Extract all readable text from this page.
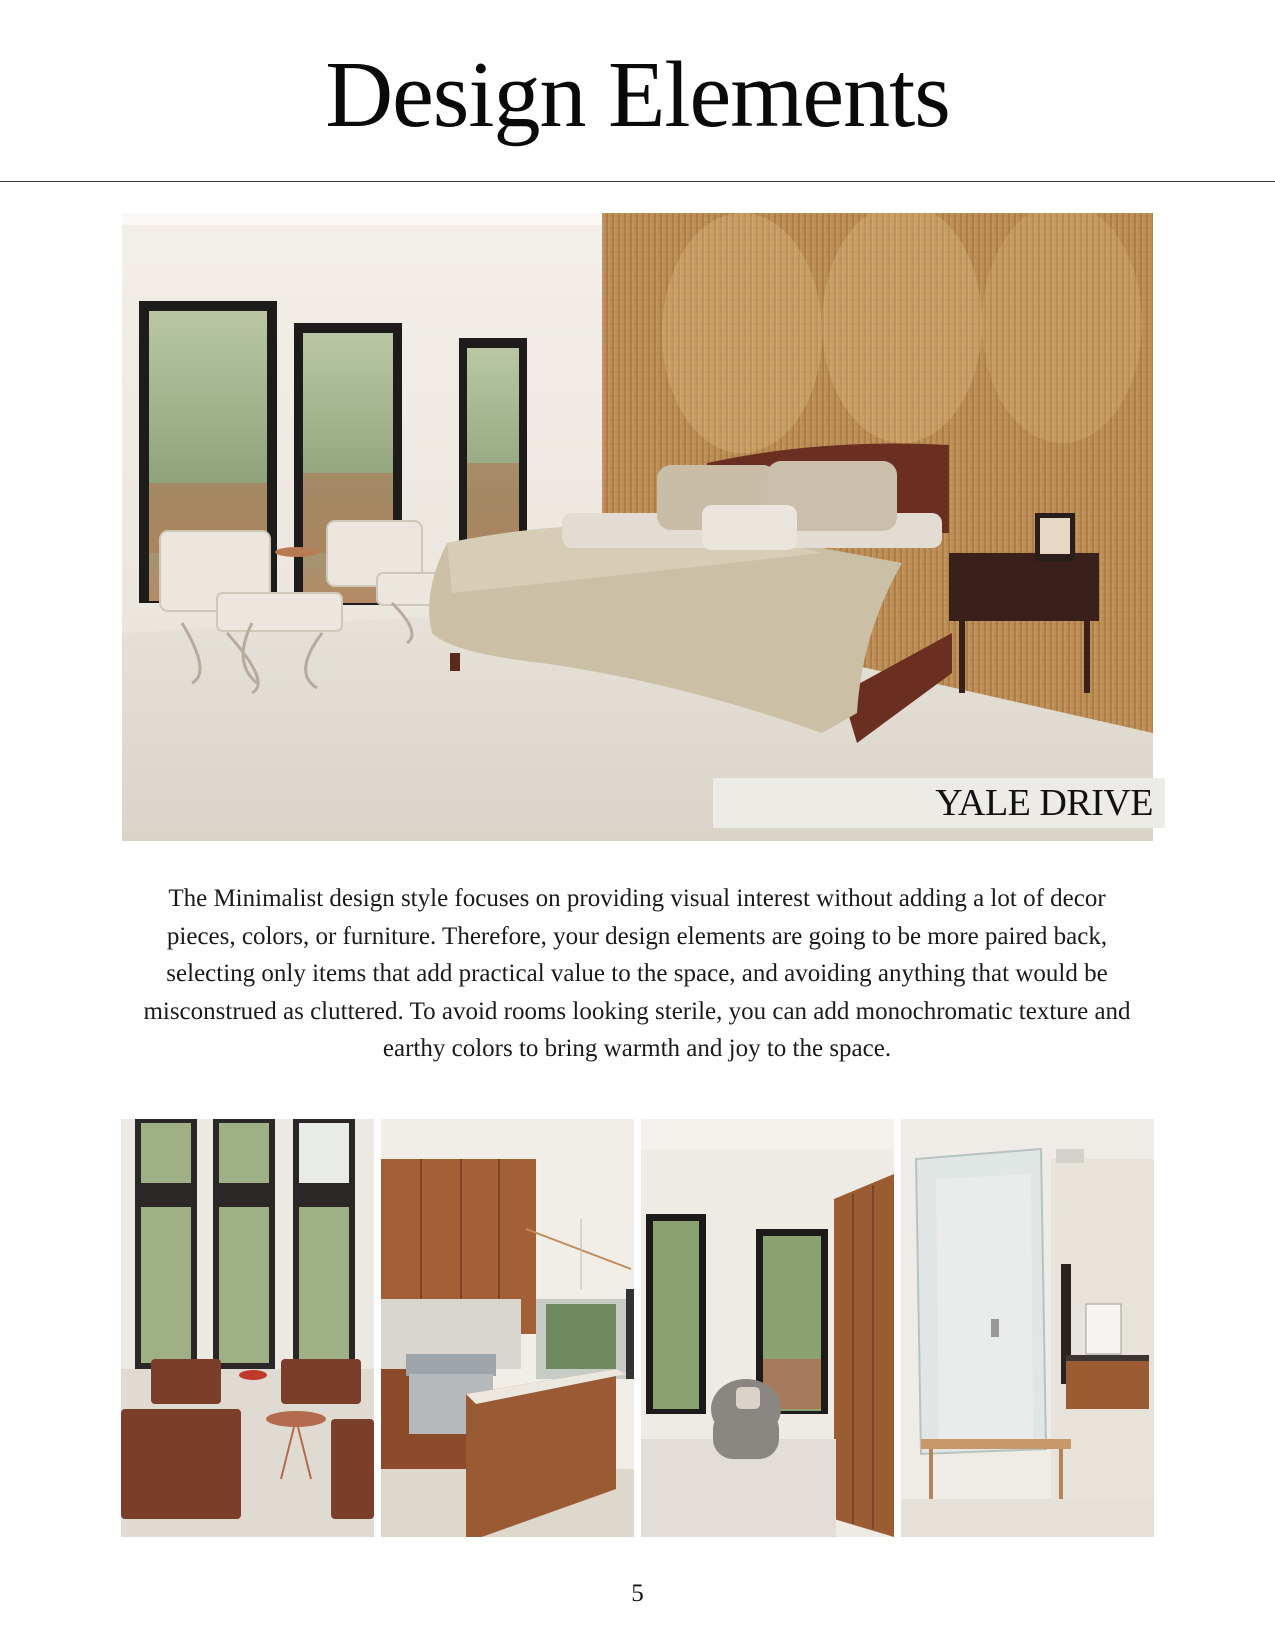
Design Elements
YALE DRIVE
The Minimalist design style focuses on providing visual interest without adding a lot of decor pieces, colors, or furniture. Therefore, your design elements are going to be more paired back, selecting only items that add practical value to the space, and avoiding anything that would be misconstrued as cluttered. To avoid rooms looking sterile, you can add monochromatic texture and earthy colors to bring warmth and joy to the space.
5
